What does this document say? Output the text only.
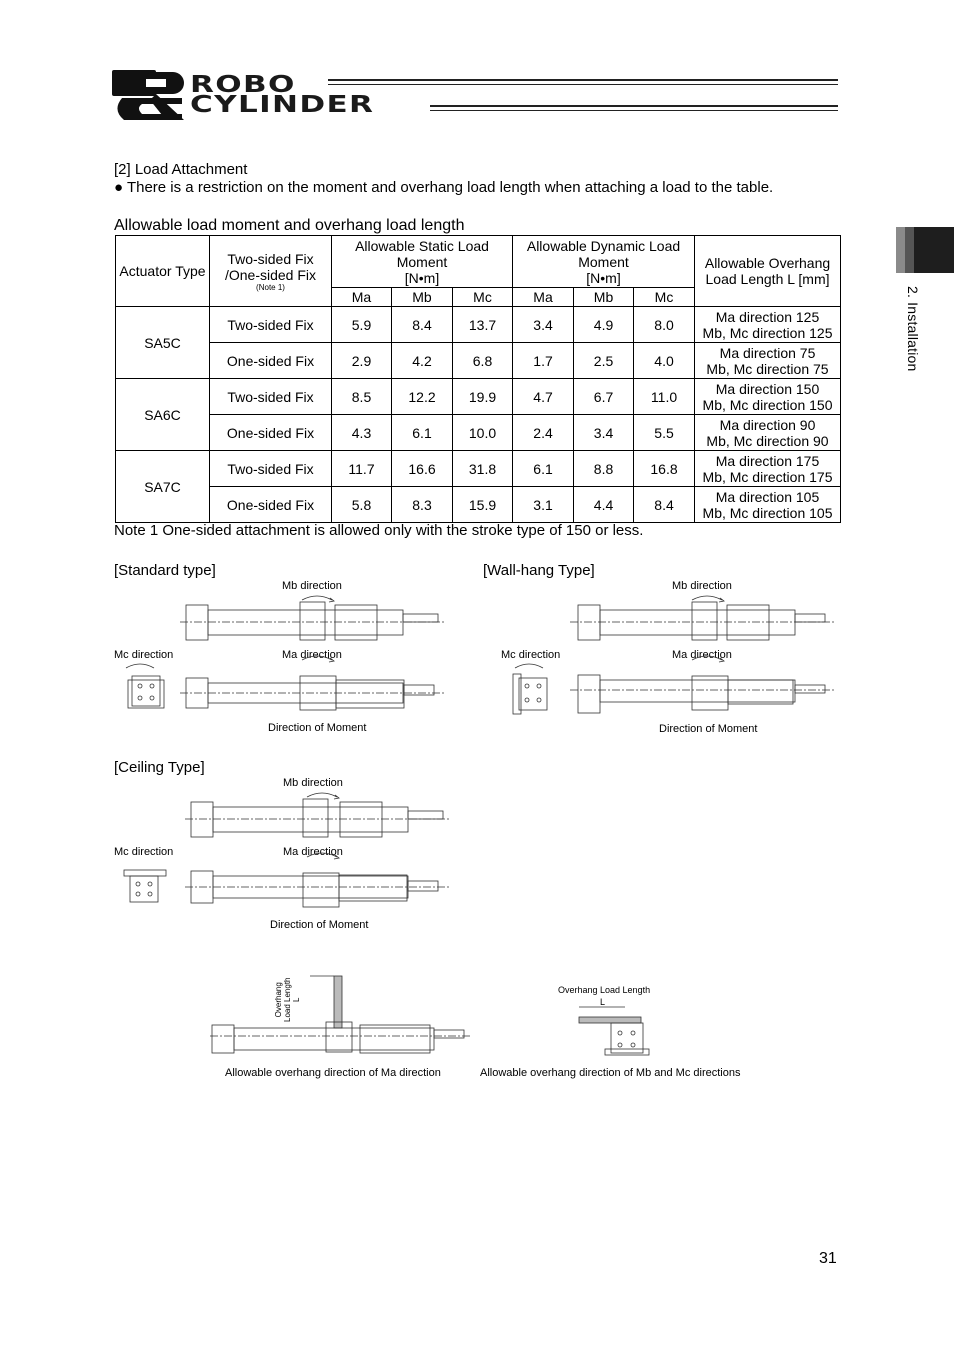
ROBO
CYLINDER
2. Installation
[2] Load Attachment
● There is a restriction on the moment and overhang load length when attaching a load to the table.
Allowable load moment and overhang load length
Actuator Type	Two-sided Fix
/One-sided Fix
(Note 1)	Allowable Static Load
Moment
[N•m]			Allowable Dynamic Load
Moment
[N•m]			Allowable Overhang
Load Length L [mm]
		Ma	Mb	Mc	Ma	Mb	Mc	
SA5C	Two-sided Fix	5.9	8.4	13.7	3.4	4.9	8.0	Ma direction 125
Mb, Mc direction 125
	One-sided Fix	2.9	4.2	6.8	1.7	2.5	4.0	Ma direction 75
Mb, Mc direction 75
SA6C	Two-sided Fix	8.5	12.2	19.9	4.7	6.7	11.0	Ma direction 150
Mb, Mc direction 150
	One-sided Fix	4.3	6.1	10.0	2.4	3.4	5.5	Ma direction 90
Mb, Mc direction 90
SA7C	Two-sided Fix	11.7	16.6	31.8	6.1	8.8	16.8	Ma direction 175
Mb, Mc direction 175
	One-sided Fix	5.8	8.3	15.9	3.1	4.4	8.4	Ma direction 105
Mb, Mc direction 105
Note 1 One-sided attachment is allowed only with the stroke type of 150 or less.
[Standard type]	[Wall-hang Type]
[Ceiling Type]
Mb direction
Mc direction	Ma direction
Direction of Moment
Mb direction
Mc direction	Ma direction
Direction of Moment
Mb direction
Mc direction	Ma direction
Direction of Moment
Allowable overhang direction of Ma direction	Allowable overhang direction of Mb and Mc directions
Overhang Load Length
L
Overhang
Load Length
L
31
